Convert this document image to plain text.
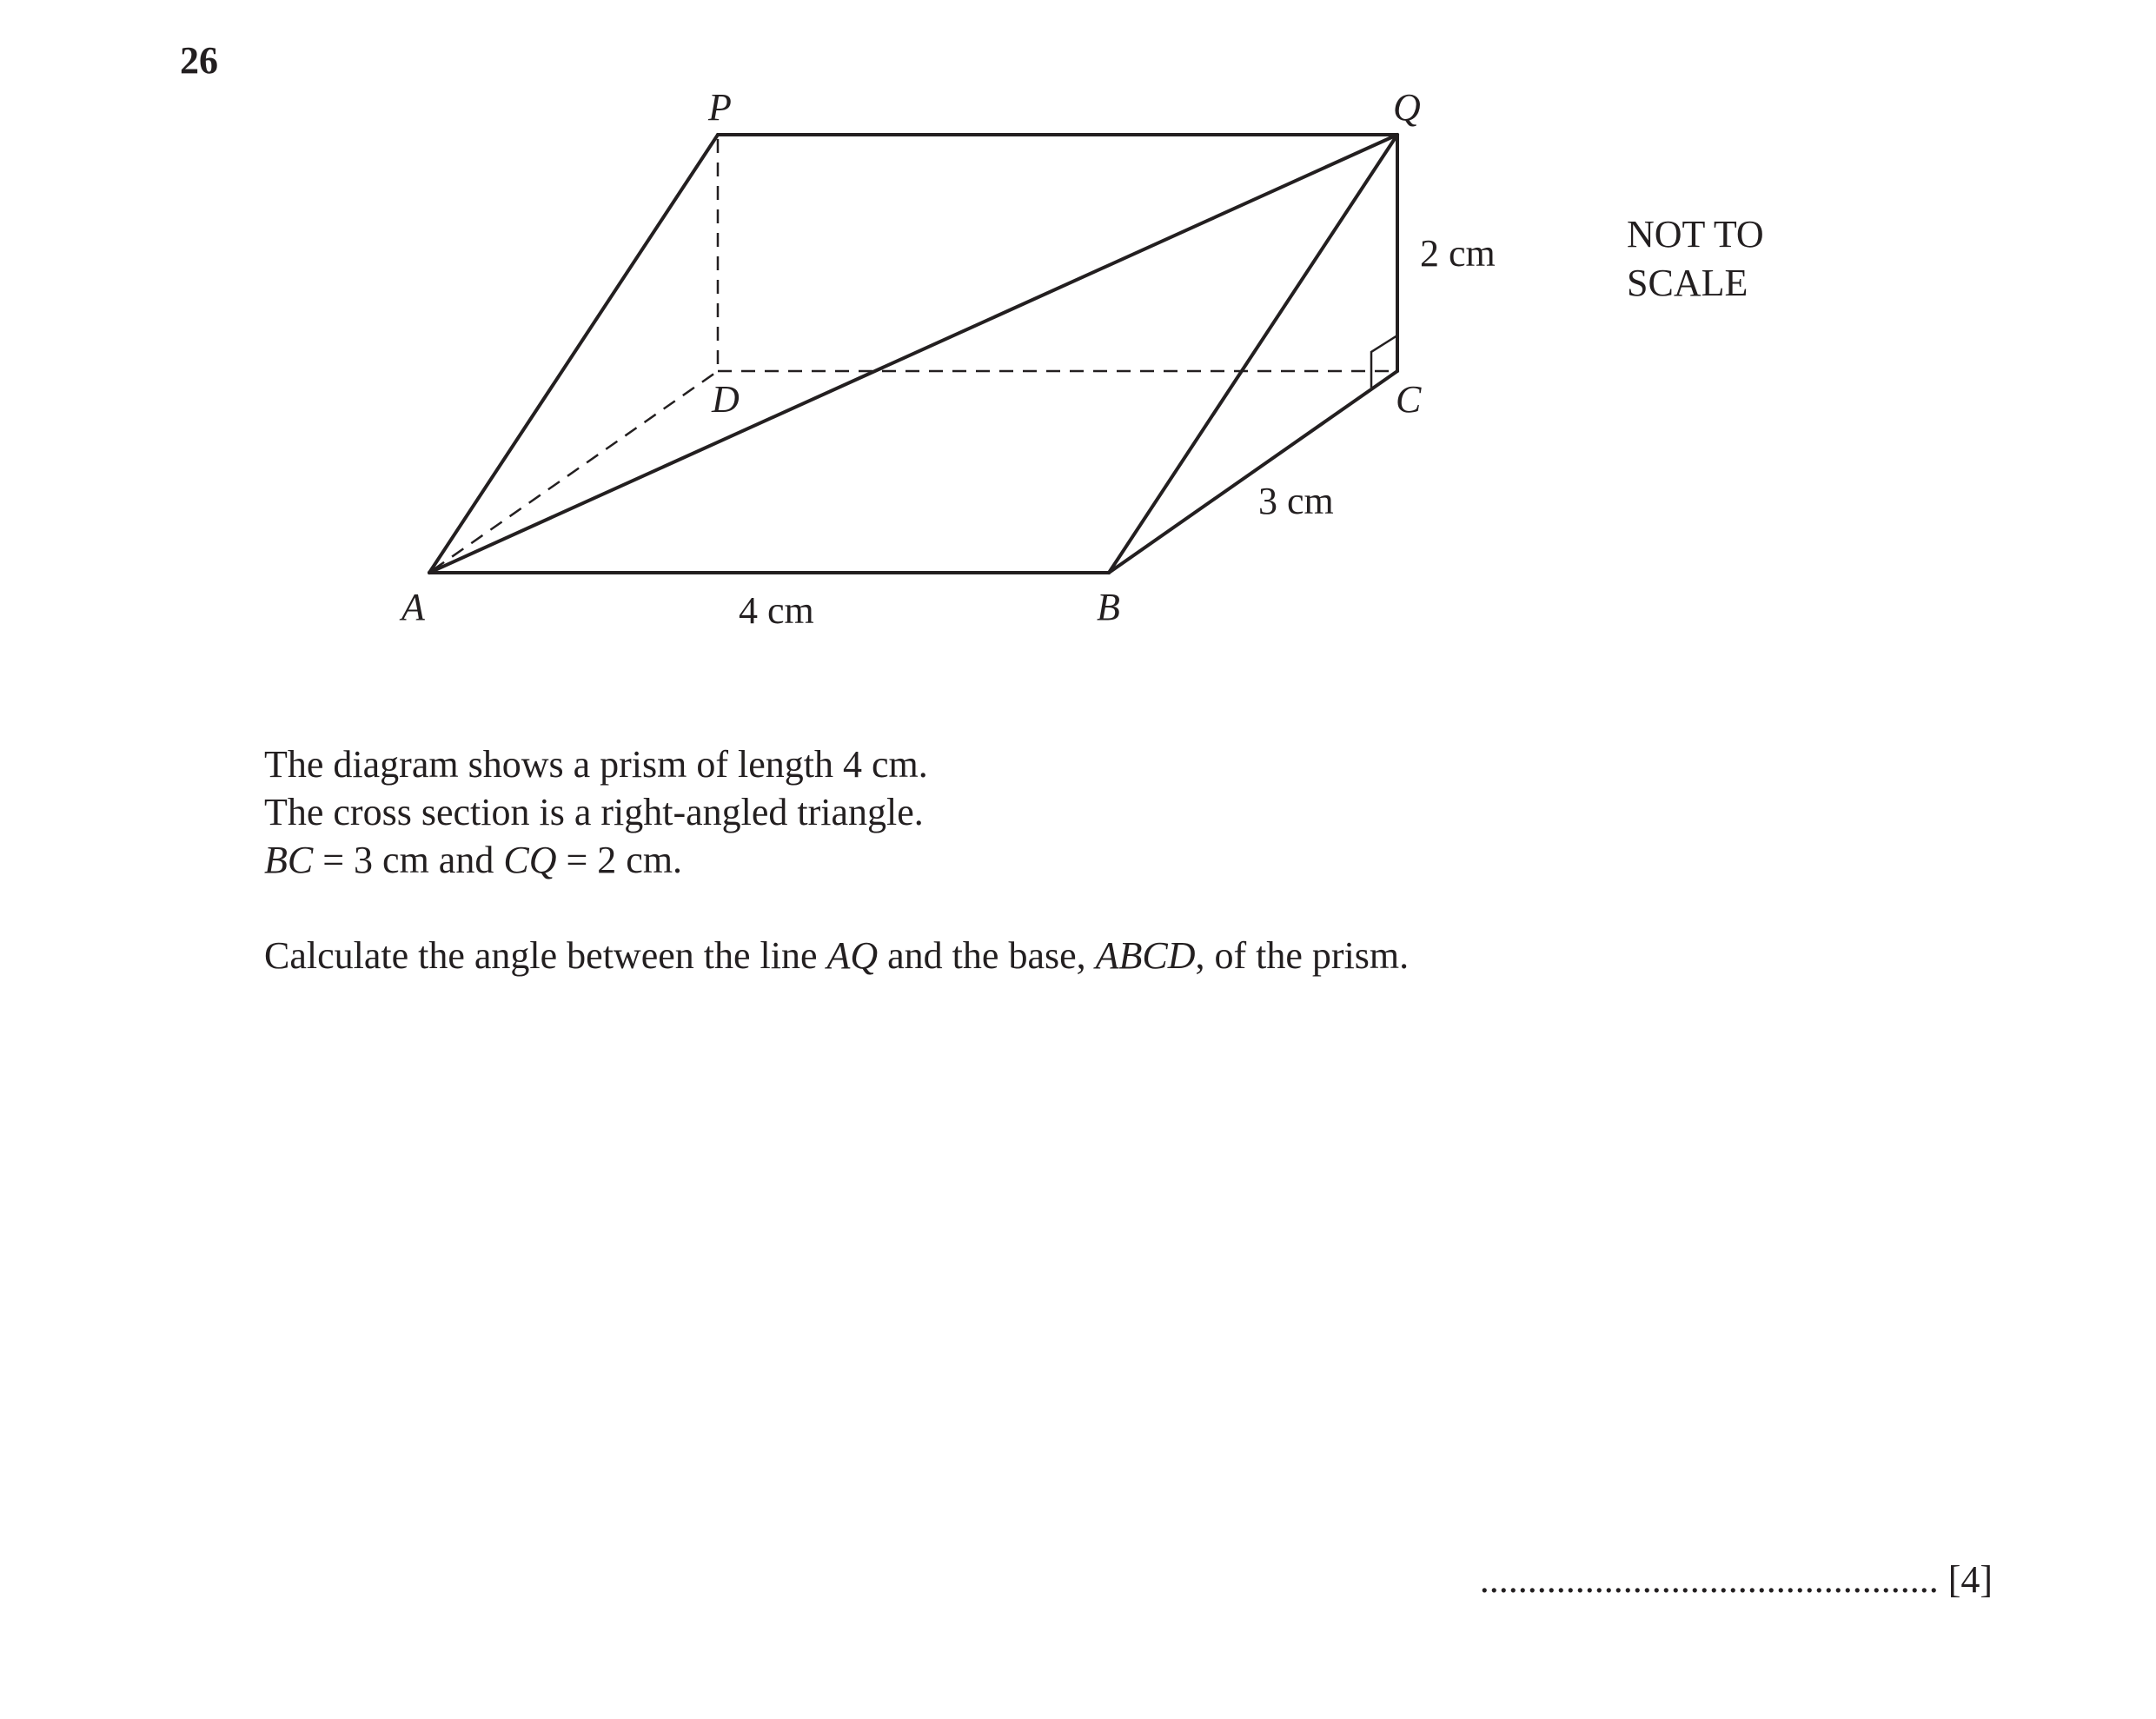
26
P	Q
D	C
A	B
2 cm
3 cm
4 cm
NOT TO
SCALE

The diagram shows a prism of length 4 cm.

The cross section is a right-angled triangle.

BC = 3 cm and CQ = 2 cm.

Calculate the angle between the line AQ and the base, ABCD, of the prism.

................................................ [4]
